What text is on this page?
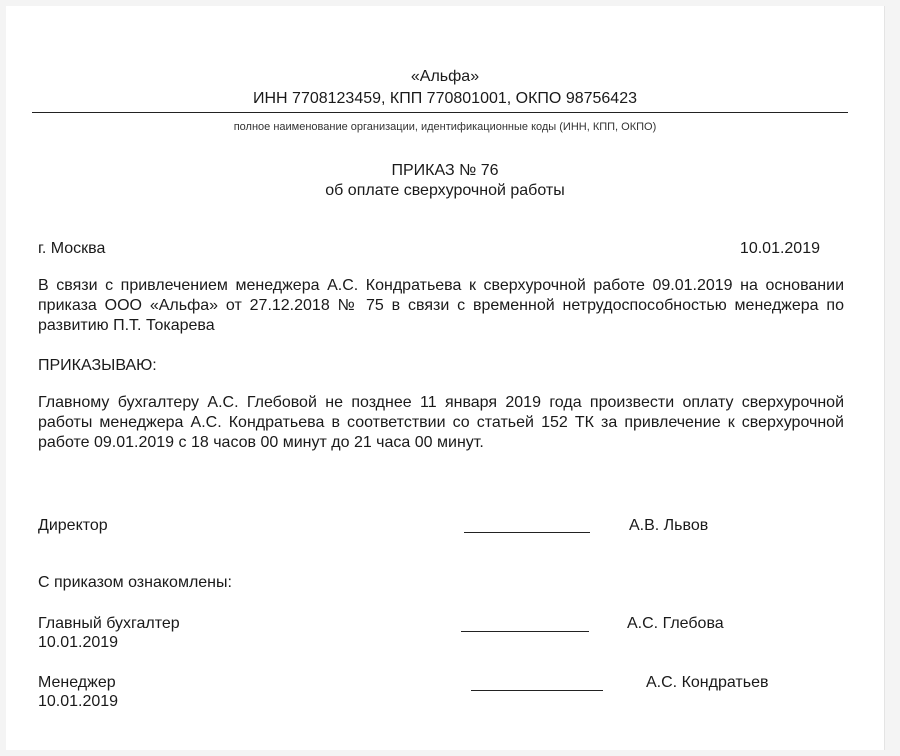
«Альфа»
ИНН 7708123459, КПП 770801001, ОКПО 98756423
полное наименование организации, идентификационные коды (ИНН, КПП, ОКПО)
ПРИКАЗ № 76
об оплате сверхурочной работы
г. Москва	10.01.2019

В связи с привлечением менеджера А.С. Кондратьева к сверхурочной работе 09.01.2019 на основании приказа ООО «Альфа» от 27.12.2018 № 75 в связи с временной нетрудоспособностью менеджера по развитию П.Т. Токарева

ПРИКАЗЫВАЮ:

Главному бухгалтеру А.С. Глебовой не позднее 11 января 2019 года произвести оплату сверхурочной работы менеджера А.С. Кондратьева в соответствии со статьей 152 ТК за привлечение к сверхурочной работе 09.01.2019 с 18 часов 00 минут до 21 часа 00 минут.

Директор	А.В. Львов
С приказом ознакомлены:
Главный бухгалтер
10.01.2019
А.С. Глебова
Менеджер
10.01.2019
А.С. Кондратьев
